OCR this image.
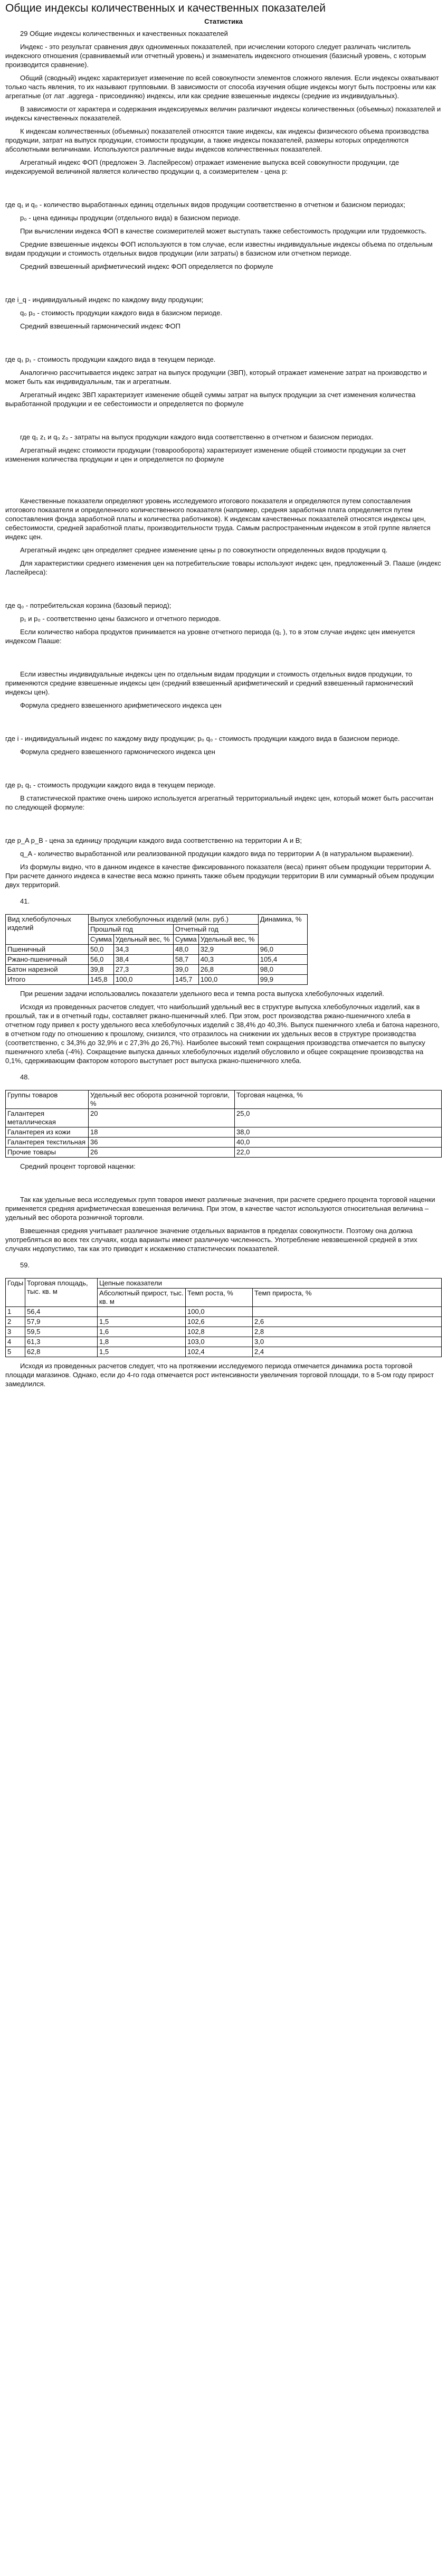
Общие индексы количественных и качественных показателей
Статистика

29 Общие индексы количественных и качественных показателей

Индекс - это результат сравнения двух одноименных показателей, при исчислении которого следует различать числитель индексного отношения (сравниваемый или отчетный уровень) и знаменатель индексного отношения (базисный уровень, с которым производится сравнение).

Общий (сводный) индекс характеризует изменение по всей совокупности элементов сложного явления. Если индексы охватывают только часть явления, то их называют групповыми. В зависимости от способа изучения общие индексы могут быть построены или как агрегатные (от лат .aggrega - присоединяю) индексы, или как средние взвешенные индексы (средние из индивидуальных).

В зависимости от характера и содержания индексируемых величин различают индексы количественных (объемных) показателей и индексы качественных показателей.

К индексам количественных (объемных) показателей относятся такие индексы, как индексы физического объема производства продукции, затрат на выпуск продукции, стоимости продукции, а также индексы показателей, размеры которых определяются абсолютными величинами. Используются различные виды индексов количественных показателей.

Агрегатный индекс ФОП (предложен Э. Ласпейресом) отражает изменение выпуска всей совокупности продукции, где индексируемой величиной является количество продукции q, а соизмерителем - цена р:

где q₁ и q₀ - количество выработанных единиц отдельных видов продукции соответственно в отчетном и базисном периодах;

p₀ - цена единицы продукции (отдельного вида) в базисном периоде.

При вычислении индекса ФОП в качестве соизмерителей может выступать также себестоимость продукции или трудоемкость.

Средние взвешенные индексы ФОП используются в том случае, если известны индивидуальные индексы объема по отдельным видам продукции и стоимость отдельных видов продукции (или затраты) в базисном или отчетном периоде.

Средний взвешенный арифметический индекс ФОП определяется по формуле

где i_q - индивидуальный индекс по каждому виду продукции;

q₀ p₀ - стоимость продукции каждого вида в базисном периоде.

Средний взвешенный гармонический индекс ФОП

где q₁ p₁ - стоимость продукции каждого вида в текущем периоде.

Аналогично рассчитывается индекс затрат на выпуск продукции (ЗВП), который отражает изменение затрат на производство и может быть как индивидуальным, так и агрегатным.

Агрегатный индекс ЗВП характеризует изменение общей суммы затрат на выпуск продукции за счет изменения количества выработанной продукции и ее себестоимости и определяется по формуле

где q₁ z₁ и q₀ z₀ - затраты на выпуск продукции каждого вида соответственно в отчетном и базисном периодах.

Агрегатный индекс стоимости продукции (товарооборота) характеризует изменение общей стоимости продукции за счет изменения количества продукции и цен и определяется по формуле

Качественные показатели определяют уровень исследуемого итогового показателя и определяются путем сопоставления итогового показателя и определенного количественного показателя (например, средняя заработная плата определяется путем сопоставления фонда заработной платы и количества работников). К индексам качественных показателей относятся индексы цен, себестоимости, средней заработной платы, производительности труда. Самым распространенным индексом в этой группе является индекс цен.

Агрегатный индекс цен определяет среднее изменение цены р по совокупности определенных видов продукции q.

Для характеристики среднего изменения цен на потребительские товары используют индекс цен, предложенный Э. Пааше (индекс Ласпейреса):

где q₀ - потребительская корзина (базовый период);

p₁ и p₀ - соответственно цены базисного и отчетного периодов.

Если количество набора продуктов принимается на уровне отчетного периода (q₁ ), то в этом случае индекс цен именуется индексом Пааше:

Если известны индивидуальные индексы цен по отдельным видам продукции и стоимость отдельных видов продукции, то применяются средние взвешенные индексы цен (средний взвешенный арифметический и средний взвешенный гармонический индексы цен).

Формула среднего взвешенного арифметического индекса цен

где i - индивидуальный индекс по каждому виду продукции; p₀ q₀ - стоимость продукции каждого вида в базисном периоде.

Формула среднего взвешенного гармонического индекса цен

где p₁ q₁ - стоимость продукции каждого вида в текущем периоде.

В статистической практике очень широко используется агрегатный территориальный индекс цен, который может быть рассчитан по следующей формуле:

где p_A p_B - цена за единицу продукции каждого вида соответственно на территории А и В;

q_A - количество выработанной или реализованной продукции каждого вида по территории А (в натуральном выражении).

Из формулы видно, что в данном индексе в качестве фиксированного показателя (веса) принят объем продукции территории А. При расчете данного индекса в качестве веса можно принять также объем продукции территории В или суммарный объем продукции двух территорий.

41.
Вид хлебобулочных изделий	Выпуск хлебобулочных изделий (млн. руб.)				Динамика, %
	Прошлый год		Отчетный год		
	Сумма	Удельный вес, %	Сумма	Удельный вес, %	
Пшеничный	50,0	34,3	48,0	32,9	96,0
Ржано-пшеничный	56,0	38,4	58,7	40,3	105,4
Батон нарезной	39,8	27,3	39,0	26,8	98,0
Итого	145,8	100,0	145,7	100,0	99,9

При решении задачи использовались показатели удельного веса и темпа роста выпуска хлебобулочных изделий.

Исходя из проведенных расчетов следует, что наибольший удельный вес в структуре выпуска хлебобулочных изделий, как в прошлый, так и в отчетный годы, составляет ржано-пшеничный хлеб. При этом, рост производства ржано-пшеничного хлеба в отчетном году привел к росту удельного веса хлебобулочных изделий с 38,4% до 40,3%. Выпуск пшеничного хлеба и батона нарезного, в отчетном году по отношению к прошлому, снизился, что отразилось на снижении их удельных весов в структуре производства (соответственно, с 34,3% до 32,9% и с 27,3% до 26,7%). Наиболее высокий темп сокращения производства отмечается по выпуску пшеничного хлеба (-4%). Сокращение выпуска данных хлебобулочных изделий обусловило и общее сокращение производства на 0,1%, сдерживающим фактором которого выступает рост выпуска ржано-пшеничного хлеба.

48.
Группы товаров	Удельный вес оборота розничной торговли, %	Торговая наценка, %
Галантерея металлическая	20	25,0
Галантерея из кожи	18	38,0
Галантерея текстильная	36	40,0
Прочие товары	26	22,0

Средний процент торговой наценки:

Так как удельные веса исследуемых групп товаров имеют различные значения, при расчете среднего процента торговой наценки применяется средняя арифметическая взвешенная величина. При этом, в качестве частот используются относительная величина – удельный вес оборота розничной торговли.

Взвешенная средняя учитывает различное значение отдельных вариантов в пределах совокупности. Поэтому она должна употребляться во всех тех случаях, когда варианты имеют различную численность. Употребление невзвешенной средней в этих случаях недопустимо, так как это приводит к искажению статистических показателей.

59.
Годы	Торговая площадь, тыс. кв. м	Цепные показатели		
		Абсолютный прирост, тыс. кв. м	Темп роста, %	Темп прироста, %
1	56,4		100,0	
2	57,9	1,5	102,6	2,6
3	59,5	1,6	102,8	2,8
4	61,3	1,8	103,0	3,0
5	62,8	1,5	102,4	2,4

Исходя из проведенных расчетов следует, что на протяжении исследуемого периода отмечается динамика роста торговой площади магазинов. Однако, если до 4-го года отмечается рост интенсивности увеличения торговой площади, то в 5-ом году прирост замедлился.
